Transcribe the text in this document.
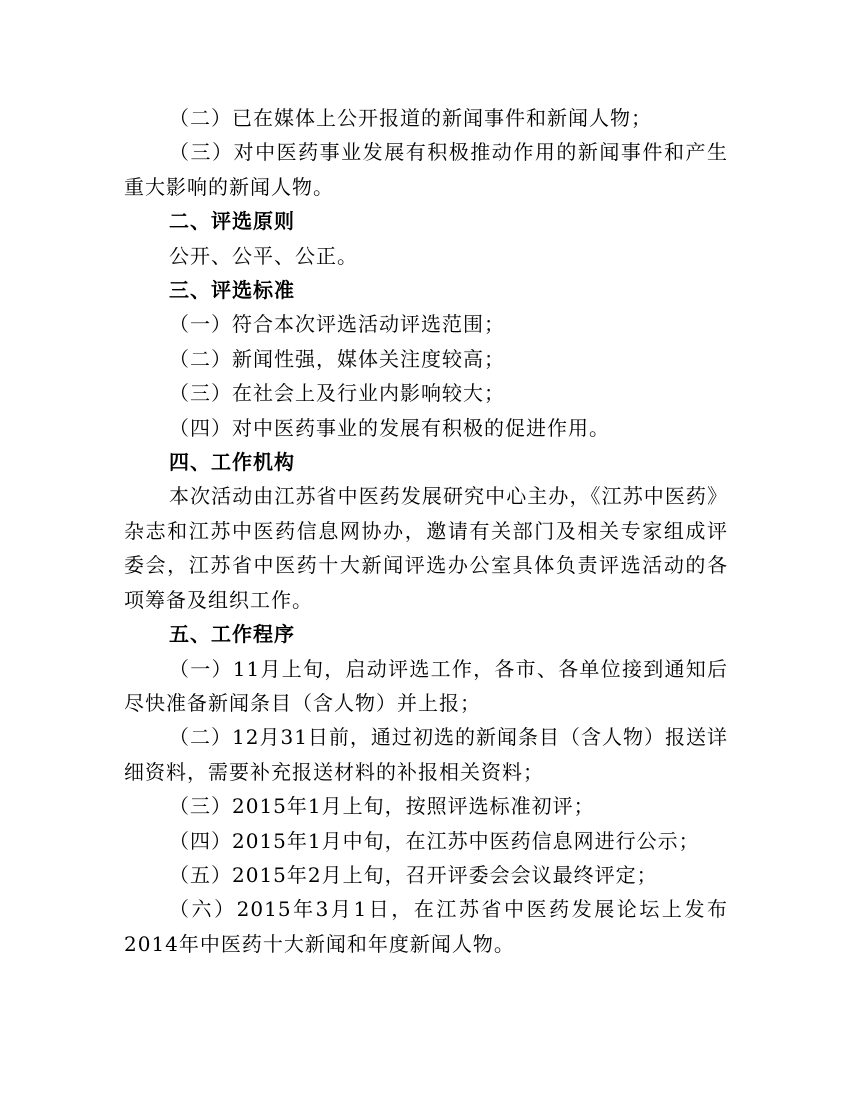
（二）已在媒体上公开报道的新闻事件和新闻人物；

（三）对中医药事业发展有积极推动作用的新闻事件和产生重大影响的新闻人物。

二、评选原则

公开、公平、公正。

三、评选标准

（一）符合本次评选活动评选范围；

（二）新闻性强，媒体关注度较高；

（三）在社会上及行业内影响较大；

（四）对中医药事业的发展有积极的促进作用。

四、工作机构

本次活动由江苏省中医药发展研究中心主办，《江苏中医药》杂志和江苏中医药信息网协办，邀请有关部门及相关专家组成评委会，江苏省中医药十大新闻评选办公室具体负责评选活动的各项筹备及组织工作。

五、工作程序

（一）11月上旬，启动评选工作，各市、各单位接到通知后尽快准备新闻条目（含人物）并上报；

（二）12月31日前，通过初选的新闻条目（含人物）报送详细资料，需要补充报送材料的补报相关资料；

（三）2015年1月上旬，按照评选标准初评；

（四）2015年1月中旬，在江苏中医药信息网进行公示；

（五）2015年2月上旬，召开评委会会议最终评定；

（六）2015年3月1日，在江苏省中医药发展论坛上发布2014年中医药十大新闻和年度新闻人物。
